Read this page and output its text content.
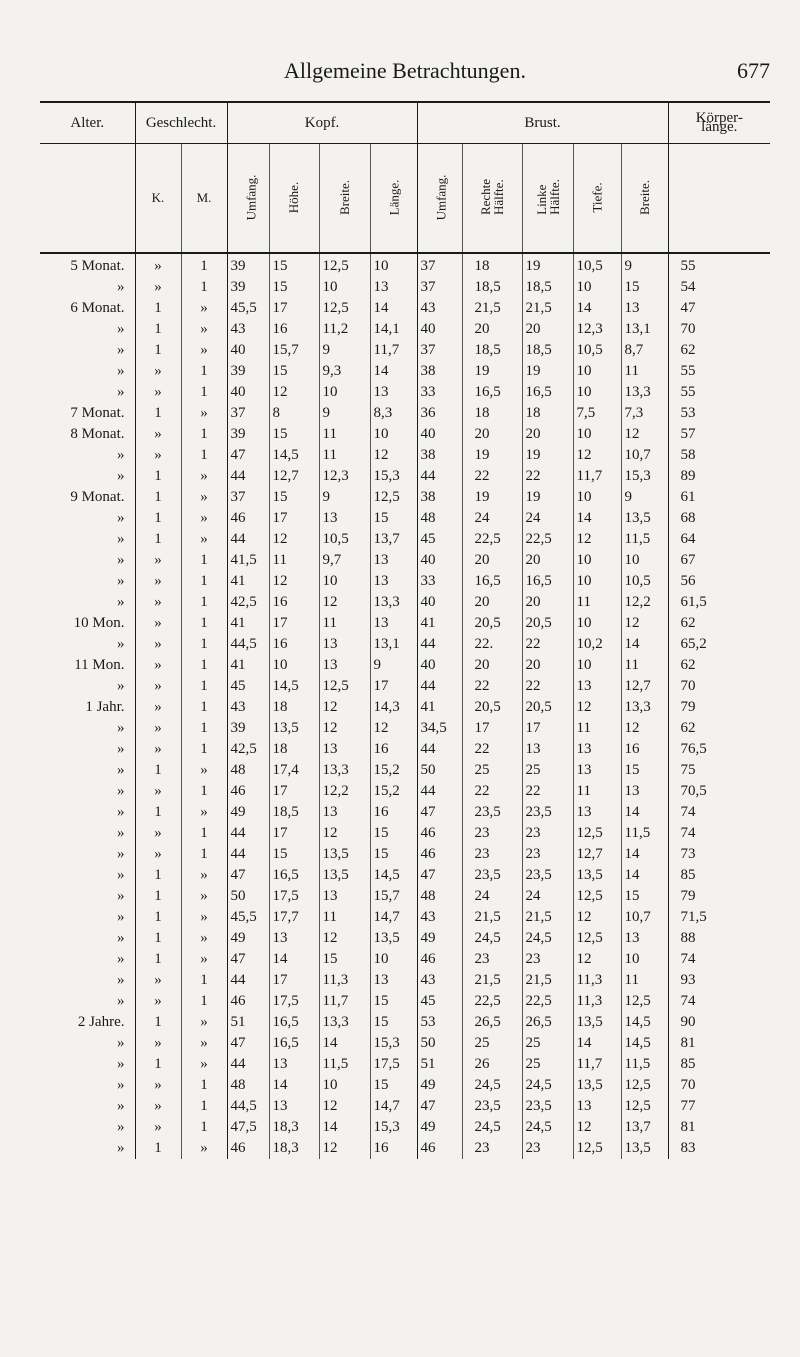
Allgemeine Betrachtungen.	677
Alter.	Geschlecht.		Kopf.				Brust.					Körper-
länge.
	K.	M.	Umfang.	Höhe.	Breite.	Länge.	Umfang.	Rechte
Hälfte.	Linke
Hälfte.	Tiefe.	Breite.	
5 Monat.	»	1	39	15	12,5	10	37	18	19	10,5	9	55
»	»	1	39	15	10	13	37	18,5	18,5	10	15	54
6 Monat.	1	»	45,5	17	12,5	14	43	21,5	21,5	14	13	47
»	1	»	43	16	11,2	14,1	40	20	20	12,3	13,1	70
»	1	»	40	15,7	9	11,7	37	18,5	18,5	10,5	8,7	62
»	»	1	39	15	9,3	14	38	19	19	10	11	55
»	»	1	40	12	10	13	33	16,5	16,5	10	13,3	55
7 Monat.	1	»	37	8	9	8,3	36	18	18	7,5	7,3	53
8 Monat.	»	1	39	15	11	10	40	20	20	10	12	57
»	»	1	47	14,5	11	12	38	19	19	12	10,7	58
»	1	»	44	12,7	12,3	15,3	44	22	22	11,7	15,3	89
9 Monat.	1	»	37	15	9	12,5	38	19	19	10	9	61
»	1	»	46	17	13	15	48	24	24	14	13,5	68
»	1	»	44	12	10,5	13,7	45	22,5	22,5	12	11,5	64
»	»	1	41,5	11	9,7	13	40	20	20	10	10	67
»	»	1	41	12	10	13	33	16,5	16,5	10	10,5	56
»	»	1	42,5	16	12	13,3	40	20	20	11	12,2	61,5
10 Mon.	»	1	41	17	11	13	41	20,5	20,5	10	12	62
»	»	1	44,5	16	13	13,1	44	22.	22	10,2	14	65,2
11 Mon.	»	1	41	10	13	9	40	20	20	10	11	62
»	»	1	45	14,5	12,5	17	44	22	22	13	12,7	70
1 Jahr.	»	1	43	18	12	14,3	41	20,5	20,5	12	13,3	79
»	»	1	39	13,5	12	12	34,5	17	17	11	12	62
»	»	1	42,5	18	13	16	44	22	13	13	16	76,5
»	1	»	48	17,4	13,3	15,2	50	25	25	13	15	75
»	»	1	46	17	12,2	15,2	44	22	22	11	13	70,5
»	1	»	49	18,5	13	16	47	23,5	23,5	13	14	74
»	»	1	44	17	12	15	46	23	23	12,5	11,5	74
»	»	1	44	15	13,5	15	46	23	23	12,7	14	73
»	1	»	47	16,5	13,5	14,5	47	23,5	23,5	13,5	14	85
»	1	»	50	17,5	13	15,7	48	24	24	12,5	15	79
»	1	»	45,5	17,7	11	14,7	43	21,5	21,5	12	10,7	71,5
»	1	»	49	13	12	13,5	49	24,5	24,5	12,5	13	88
»	1	»	47	14	15	10	46	23	23	12	10	74
»	»	1	44	17	11,3	13	43	21,5	21,5	11,3	11	93
»	»	1	46	17,5	11,7	15	45	22,5	22,5	11,3	12,5	74
2 Jahre.	1	»	51	16,5	13,3	15	53	26,5	26,5	13,5	14,5	90
»	»	»	47	16,5	14	15,3	50	25	25	14	14,5	81
»	1	»	44	13	11,5	17,5	51	26	25	11,7	11,5	85
»	»	1	48	14	10	15	49	24,5	24,5	13,5	12,5	70
»	»	1	44,5	13	12	14,7	47	23,5	23,5	13	12,5	77
»	»	1	47,5	18,3	14	15,3	49	24,5	24,5	12	13,7	81
»	1	»	46	18,3	12	16	46	23	23	12,5	13,5	83
